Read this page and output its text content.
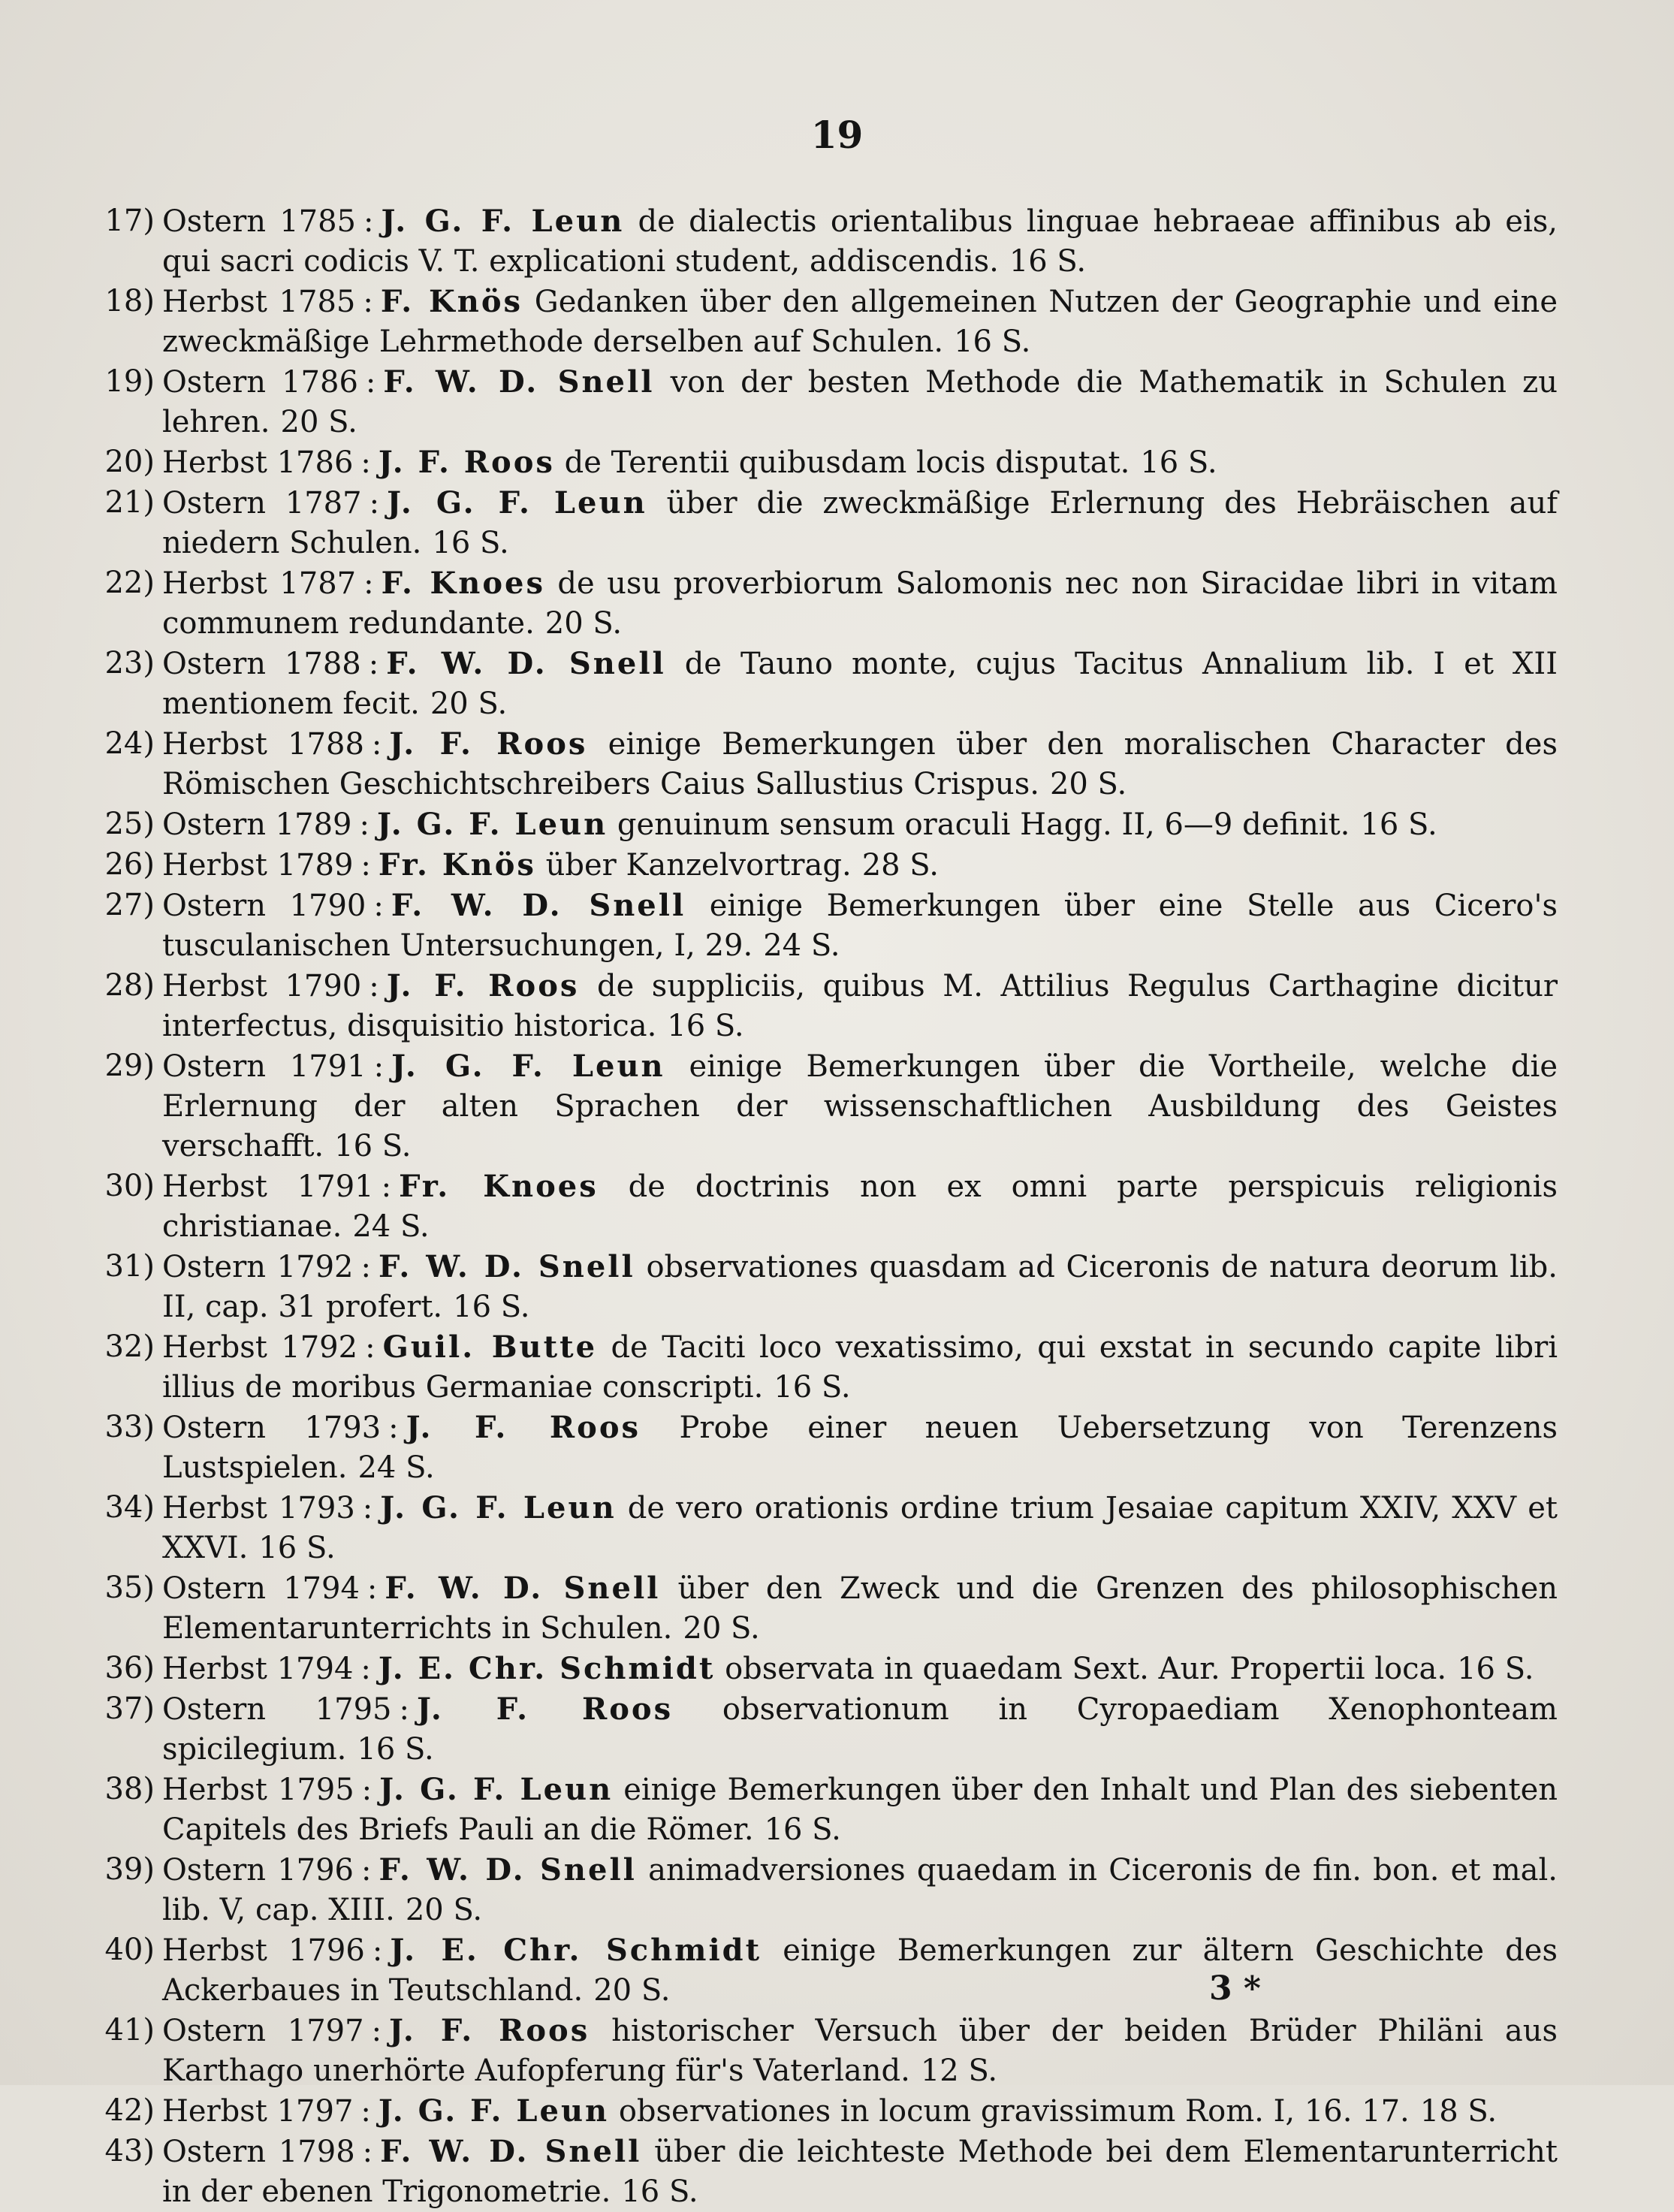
19
17) Ostern 1785 : J. G. F. Leun de dialectis orientalibus linguae hebraeae affinibus ab eis, qui sacri codicis V. T. explicationi student, addiscendis. 16 S.
18) Herbst 1785 : F. Knös Gedanken über den allgemeinen Nutzen der Geographie und eine zweckmäßige Lehrmethode derselben auf Schulen. 16 S.
19) Ostern 1786 : F. W. D. Snell von der besten Methode die Mathematik in Schulen zu lehren. 20 S.
20) Herbst 1786 : J. F. Roos de Terentii quibusdam locis disputat. 16 S.
21) Ostern 1787 : J. G. F. Leun über die zweckmäßige Erlernung des Hebräischen auf niedern Schulen. 16 S.
22) Herbst 1787 : F. Knoes de usu proverbiorum Salomonis nec non Siracidae libri in vitam communem redundante. 20 S.
23) Ostern 1788 : F. W. D. Snell de Tauno monte, cujus Tacitus Annalium lib. I et XII mentionem fecit. 20 S.
24) Herbst 1788 : J. F. Roos einige Bemerkungen über den moralischen Character des Römischen Geschichtschreibers Caius Sallustius Crispus. 20 S.
25) Ostern 1789 : J. G. F. Leun genuinum sensum oraculi Hagg. II, 6—9 definit. 16 S.
26) Herbst 1789 : Fr. Knös über Kanzelvortrag. 28 S.
27) Ostern 1790 : F. W. D. Snell einige Bemerkungen über eine Stelle aus Cicero's tusculanischen Untersuchungen, I, 29. 24 S.
28) Herbst 1790 : J. F. Roos de suppliciis, quibus M. Attilius Regulus Carthagine dicitur interfectus, disquisitio historica. 16 S.
29) Ostern 1791 : J. G. F. Leun einige Bemerkungen über die Vortheile, welche die Erlernung der alten Sprachen der wissenschaftlichen Ausbildung des Geistes verschafft. 16 S.
30) Herbst 1791 : Fr. Knoes de doctrinis non ex omni parte perspicuis religionis christianae. 24 S.
31) Ostern 1792 : F. W. D. Snell observationes quasdam ad Ciceronis de natura deorum lib. II, cap. 31 profert. 16 S.
32) Herbst 1792 : Guil. Butte de Taciti loco vexatissimo, qui exstat in secundo capite libri illius de moribus Germaniae conscripti. 16 S.
33) Ostern 1793 : J. F. Roos Probe einer neuen Uebersetzung von Terenzens Lustspielen. 24 S.
34) Herbst 1793 : J. G. F. Leun de vero orationis ordine trium Jesaiae capitum XXIV, XXV et XXVI. 16 S.
35) Ostern 1794 : F. W. D. Snell über den Zweck und die Grenzen des philosophischen Elementarunterrichts in Schulen. 20 S.
36) Herbst 1794 : J. E. Chr. Schmidt observata in quaedam Sext. Aur. Propertii loca. 16 S.
37) Ostern 1795 : J. F. Roos observationum in Cyropaediam Xenophonteam spicilegium. 16 S.
38) Herbst 1795 : J. G. F. Leun einige Bemerkungen über den Inhalt und Plan des siebenten Capitels des Briefs Pauli an die Römer. 16 S.
39) Ostern 1796 : F. W. D. Snell animadversiones quaedam in Ciceronis de fin. bon. et mal. lib. V, cap. XIII. 20 S.
40) Herbst 1796 : J. E. Chr. Schmidt einige Bemerkungen zur ältern Geschichte des Ackerbaues in Teutschland. 20 S.
41) Ostern 1797 : J. F. Roos historischer Versuch über der beiden Brüder Philäni aus Karthago unerhörte Aufopferung für's Vaterland. 12 S.
42) Herbst 1797 : J. G. F. Leun observationes in locum gravissimum Rom. I, 16. 17. 18 S.
43) Ostern 1798 : F. W. D. Snell über die leichteste Methode bei dem Elementarunterricht in der ebenen Trigonometrie. 16 S.
3 *
